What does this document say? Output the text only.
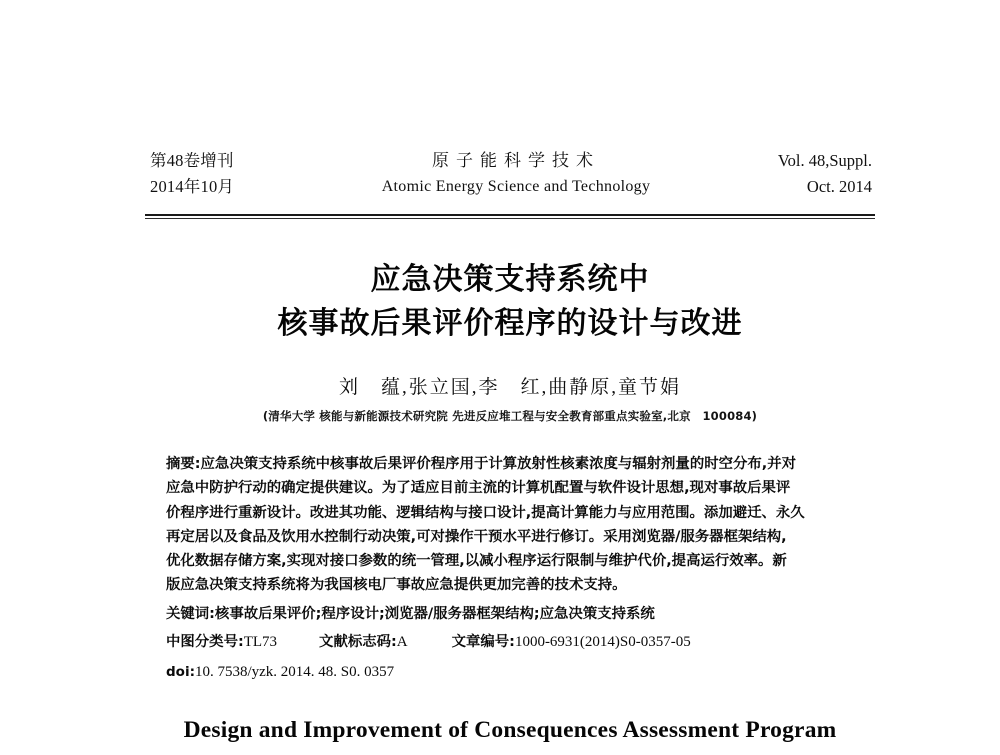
第48卷增刊
2014年10月
原子能科学技术
Atomic Energy Science and Technology
Vol. 48,Suppl.
Oct. 2014
应急决策支持系统中
核事故后果评价程序的设计与改进
刘　蕴,张立国,李　红,曲静原,童节娟
(清华大学 核能与新能源技术研究院 先进反应堆工程与安全教育部重点实验室,北京　100084)
摘要:应急决策支持系统中核事故后果评价程序用于计算放射性核素浓度与辐射剂量的时空分布,并对
应急中防护行动的确定提供建议。为了适应目前主流的计算机配置与软件设计思想,现对事故后果评
价程序进行重新设计。改进其功能、逻辑结构与接口设计,提高计算能力与应用范围。添加避迁、永久
再定居以及食品及饮用水控制行动决策,可对操作干预水平进行修订。采用浏览器/服务器框架结构,
优化数据存储方案,实现对接口参数的统一管理,以减小程序运行限制与维护代价,提高运行效率。新
版应急决策支持系统将为我国核电厂事故应急提供更加完善的技术支持。
关键词:核事故后果评价;程序设计;浏览器/服务器框架结构;应急决策支持系统
中图分类号:TL73	文献标志码:A	文章编号:1000-6931(2014)S0-0357-05
doi:10. 7538/yzk. 2014. 48. S0. 0357
Design and Improvement of Consequences Assessment Program
